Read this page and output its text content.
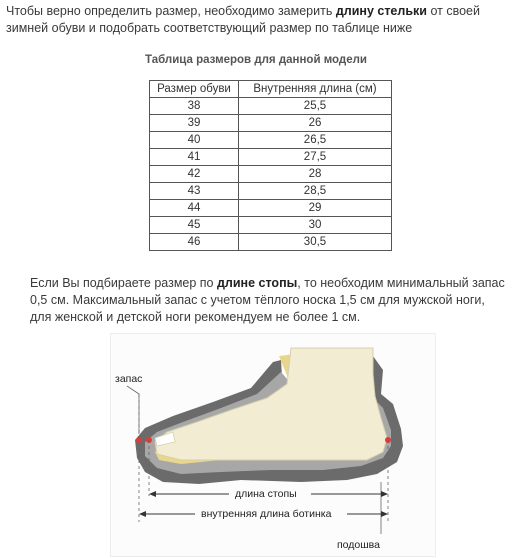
Чтобы верно определить размер, необходимо замерить длину стельки от своей зимней обуви и подобрать соответствующий размер по таблице ниже
Таблица размеров для данной модели
Размер обуви	Внутренняя длина (см)
38	25,5
39	26
40	26,5
41	27,5
42	28
43	28,5
44	29
45	30
46	30,5
Если Вы подбираете размер по длине стопы, то необходим минимальный запас 0,5 см. Максимальный запас с учетом тёплого носка 1,5 см для мужской ноги, для женской и детской ноги рекомендуем не более 1 см.
запас
длина стопы
внутренняя длина ботинка
подошва
